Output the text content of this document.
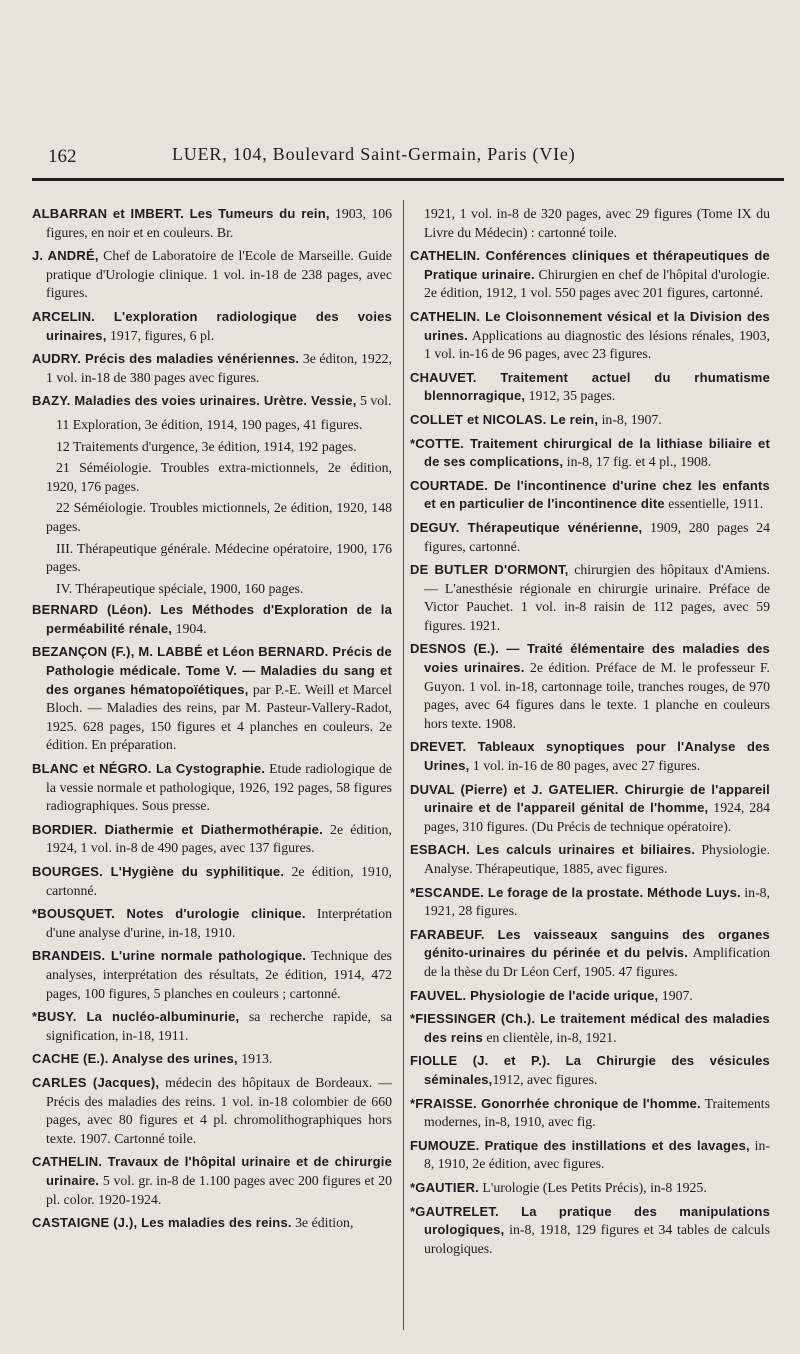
162	LUER, 104, Boulevard Saint-Germain, Paris (VIe)

ALBARRAN et IMBERT. Les Tumeurs du rein, 1903, 106 figures, en noir et en couleurs. Br.

J. ANDRÉ, Chef de Laboratoire de l'Ecole de Marseille. Guide pratique d'Urologie clinique. 1 vol. in-18 de 238 pages, avec figures.

ARCELIN. L'exploration radiologique des voies urinaires, 1917, figures, 6 pl.

AUDRY. Précis des maladies vénériennes. 3e éditon, 1922, 1 vol. in-18 de 380 pages avec figures.

BAZY. Maladies des voies urinaires. Urètre. Vessie, 5 vol.

11 Exploration, 3e édition, 1914, 190 pages, 41 figures.

12 Traitements d'urgence, 3e édition, 1914, 192 pages.

21 Séméiologie. Troubles extra-mictionnels, 2e édition, 1920, 176 pages.

22 Séméiologie. Troubles mictionnels, 2e édition, 1920, 148 pages.

III. Thérapeutique générale. Médecine opératoire, 1900, 176 pages.

IV. Thérapeutique spéciale, 1900, 160 pages.

BERNARD (Léon). Les Méthodes d'Exploration de la perméabilité rénale, 1904.

BEZANÇON (F.), M. LABBÉ et Léon BERNARD. Précis de Pathologie médicale. Tome V. — Maladies du sang et des organes hématopoïétiques, par P.-E. Weill et Marcel Bloch. — Maladies des reins, par M. Pasteur-Vallery-Radot, 1925. 628 pages, 150 figures et 4 planches en couleurs. 2e édition. En préparation.

BLANC et NÉGRO. La Cystographie. Etude radiologique de la vessie normale et pathologique, 1926, 192 pages, 58 figures radiographiques. Sous presse.

BORDIER. Diathermie et Diathermothérapie. 2e édition, 1924, 1 vol. in-8 de 490 pages, avec 137 figures.

BOURGES. L'Hygiène du syphilitique. 2e édition, 1910, cartonné.

*BOUSQUET. Notes d'urologie clinique. Interprétation d'une analyse d'urine, in-18, 1910.

BRANDEIS. L'urine normale pathologique. Technique des analyses, interprétation des résultats, 2e édition, 1914, 472 pages, 100 figures, 5 planches en couleurs ; cartonné.

*BUSY. La nucléo-albuminurie, sa recherche rapide, sa signification, in-18, 1911.

CACHE (E.). Analyse des urines, 1913.

CARLES (Jacques), médecin des hôpitaux de Bordeaux. — Précis des maladies des reins. 1 vol. in-18 colombier de 660 pages, avec 80 figures et 4 pl. chromolithographiques hors texte. 1907. Cartonné toile.

CATHELIN. Travaux de l'hôpital urinaire et de chirurgie urinaire. 5 vol. gr. in-8 de 1.100 pages avec 200 figures et 20 pl. color. 1920-1924.

CASTAIGNE (J.), Les maladies des reins. 3e édition,

1921, 1 vol. in-8 de 320 pages, avec 29 figures (Tome IX du Livre du Médecin) : cartonné toile.

CATHELIN. Conférences cliniques et thérapeutiques de Pratique urinaire. Chirurgien en chef de l'hôpital d'urologie. 2e édition, 1912, 1 vol. 550 pages avec 201 figures, cartonné.

CATHELIN. Le Cloisonnement vésical et la Division des urines. Applications au diagnostic des lésions rénales, 1903, 1 vol. in-16 de 96 pages, avec 23 figures.

CHAUVET. Traitement actuel du rhumatisme blennorragique, 1912, 35 pages.

COLLET et NICOLAS. Le rein, in-8, 1907.

*COTTE. Traitement chirurgical de la lithiase biliaire et de ses complications, in-8, 17 fig. et 4 pl., 1908.

COURTADE. De l'incontinence d'urine chez les enfants et en particulier de l'incontinence dite essentielle, 1911.

DEGUY. Thérapeutique vénérienne, 1909, 280 pages 24 figures, cartonné.

DE BUTLER D'ORMONT, chirurgien des hôpitaux d'Amiens. — L'anesthésie régionale en chirurgie urinaire. Préface de Victor Pauchet. 1 vol. in-8 raisin de 112 pages, avec 59 figures. 1921.

DESNOS (E.). — Traité élémentaire des maladies des voies urinaires. 2e édition. Préface de M. le professeur F. Guyon. 1 vol. in-18, cartonnage toile, tranches rouges, de 970 pages, avec 64 figures dans le texte. 1 planche en couleurs hors texte. 1908.

DREVET. Tableaux synoptiques pour l'Analyse des Urines, 1 vol. in-16 de 80 pages, avec 27 figures.

DUVAL (Pierre) et J. GATELIER. Chirurgie de l'appareil urinaire et de l'appareil génital de l'homme, 1924, 284 pages, 310 figures. (Du Précis de technique opératoire).

ESBACH. Les calculs urinaires et biliaires. Physiologie. Analyse. Thérapeutique, 1885, avec figures.

*ESCANDE. Le forage de la prostate. Méthode Luys. in-8, 1921, 28 figures.

FARABEUF. Les vaisseaux sanguins des organes génito-urinaires du périnée et du pelvis. Amplification de la thèse du Dr Léon Cerf, 1905. 47 figures.

FAUVEL. Physiologie de l'acide urique, 1907.

*FIESSINGER (Ch.). Le traitement médical des maladies des reins en clientèle, in-8, 1921.

FIOLLE (J. et P.). La Chirurgie des vésicules séminales,1912, avec figures.

*FRAISSE. Gonorrhée chronique de l'homme. Traitements modernes, in-8, 1910, avec fig.

FUMOUZE. Pratique des instillations et des lavages, in-8, 1910, 2e édition, avec figures.

*GAUTIER. L'urologie (Les Petits Précis), in-8 1925.

*GAUTRELET. La pratique des manipulations urologiques, in-8, 1918, 129 figures et 34 tables de calculs urologiques.
